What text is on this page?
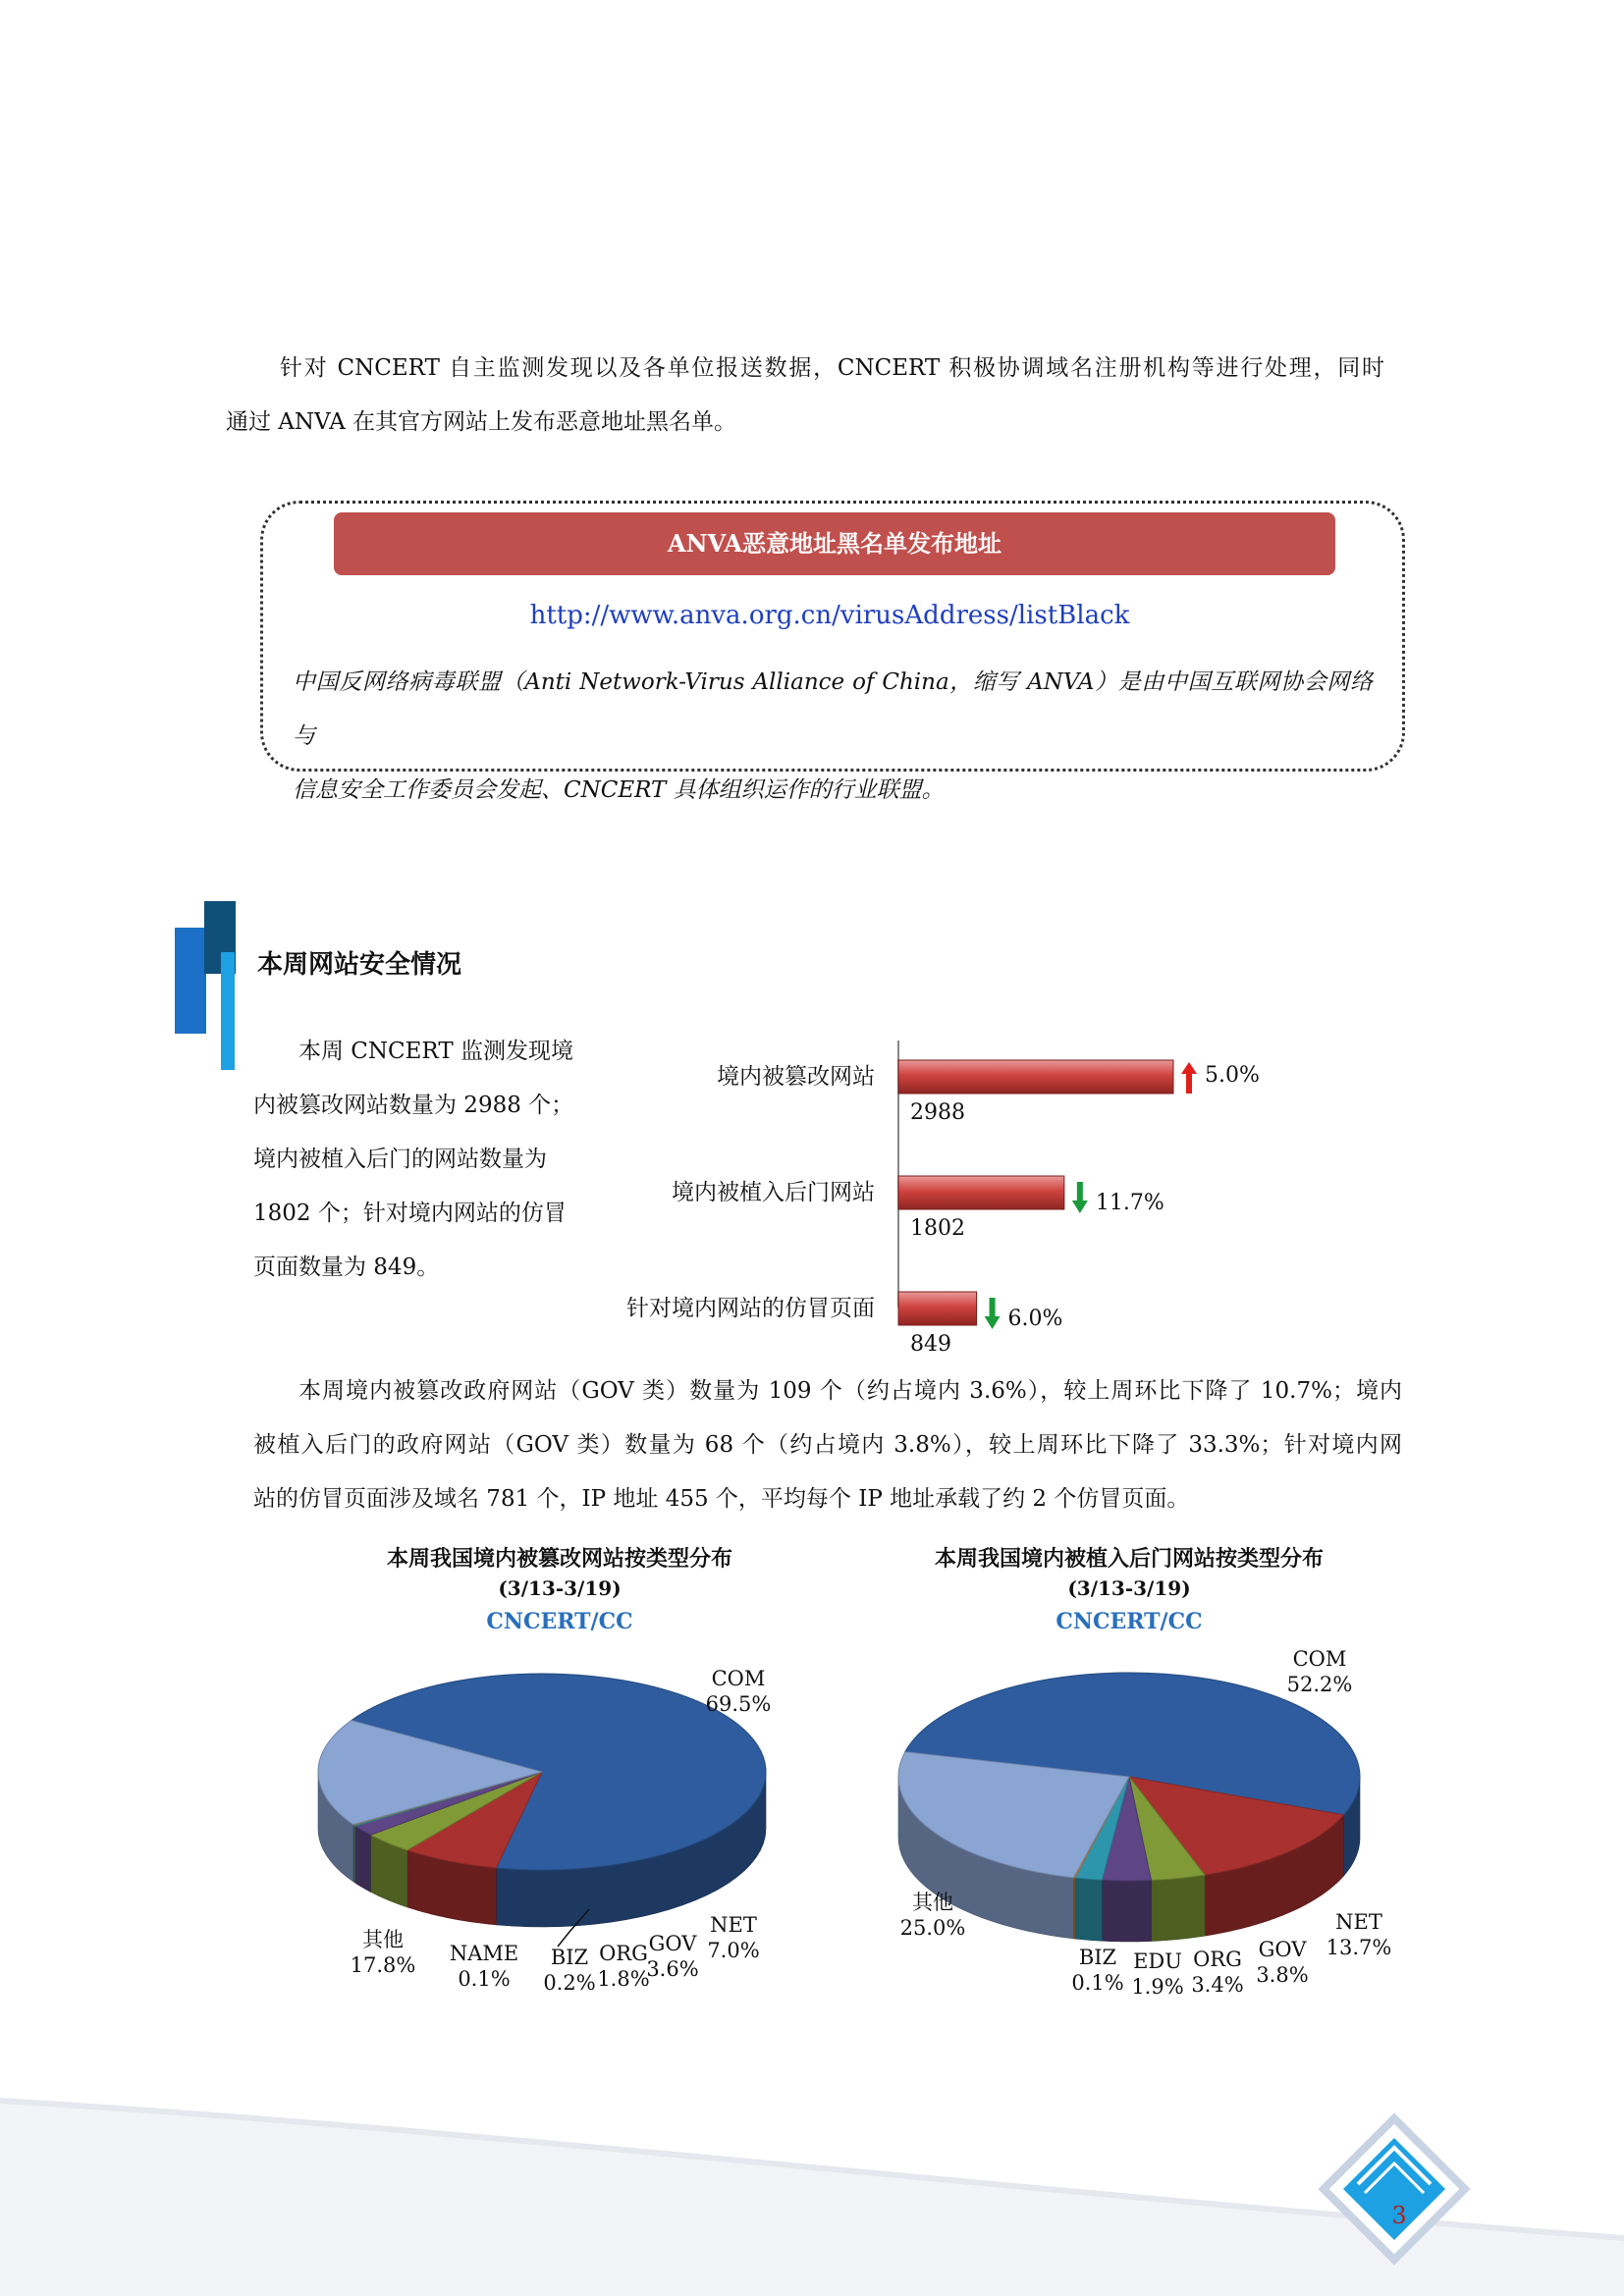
针对 CNCERT 自主监测发现以及各单位报送数据，CNCERT 积极协调域名注册机构等进行处理，同时
通过 ANVA 在其官方网站上发布恶意地址黑名单。

ANVA恶意地址黑名单发布地址
http://www.anva.org.cn/virusAddress/listBlack
中国反网络病毒联盟（Anti Network-Virus Alliance of China，缩写 ANVA）是由中国互联网协会网络与
信息安全工作委员会发起、CNCERT 具体组织运作的行业联盟。
本周网站安全情况

本周 CNCERT 监测发现境
内被篡改网站数量为 2988 个；
境内被植入后门的网站数量为
1802 个；针对境内网站的仿冒
页面数量为 849。

境内被篡改网站
2988
5.0%
境内被植入后门网站
1802
11.7%
针对境内网站的仿冒页面
849
6.0%

本周境内被篡改政府网站（GOV 类）数量为 109 个（约占境内 3.6%），较上周环比下降了 10.7%；境内
被植入后门的政府网站（GOV 类）数量为 68 个（约占境内 3.8%），较上周环比下降了 33.3%；针对境内网
站的仿冒页面涉及域名 781 个，IP 地址 455 个，平均每个 IP 地址承载了约 2 个仿冒页面。

本周我国境内被篡改网站按类型分布
(3/13-3/19)
CNCERT/CC
COM
69.5%
NET
7.0%
GOV
3.6%
ORG
1.8%
BIZ
0.2%
NAME
0.1%
其他
17.8%
本周我国境内被植入后门网站按类型分布
(3/13-3/19)
CNCERT/CC
COM
52.2%
NET
13.7%
GOV
3.8%
ORG
3.4%
EDU
1.9%
BIZ
0.1%
其他
25.0%
3
